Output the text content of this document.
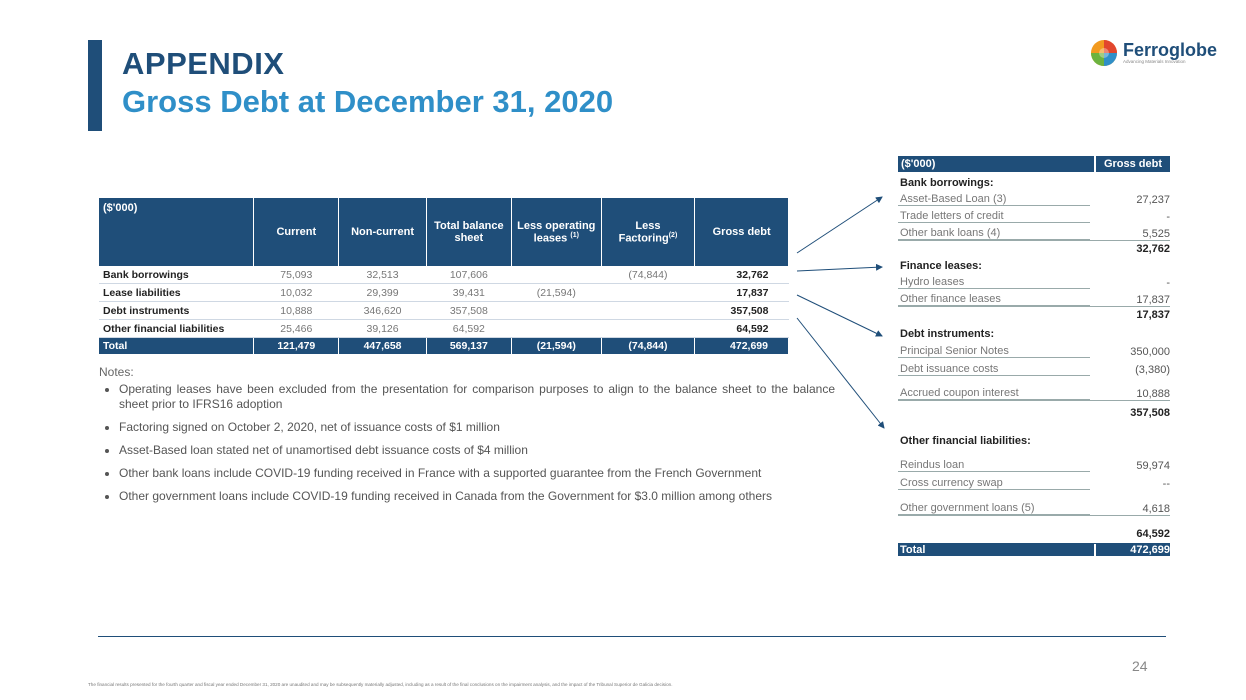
APPENDIX
Gross Debt at December 31, 2020
Ferroglobe
Advancing Materials Innovation
($'000)	Current	Non-current	Total balance sheet	Less operating leases $^{(1)}$	Less Factoring$^{(2)}$	Gross debt
Bank borrowings	75,093	32,513	107,606		(74,844)	32,762
Lease liabilities	10,032	29,399	39,431	(21,594)		17,837
Debt instruments	10,888	346,620	357,508			357,508
Other financial liabilities	25,466	39,126	64,592			64,592
Total	121,479	447,658	569,137	(21,594)	(74,844)	472,699
Notes:
• Operating leases have been excluded from the presentation for comparison purposes to align to the balance sheet to the balance sheet prior to IFRS16 adoption
• Factoring signed on October 2, 2020, net of issuance costs of $1 million
• Asset-Based loan stated net of unamortised debt issuance costs of $4 million
• Other bank loans include COVID-19 funding received in France with a supported guarantee from the French Government
• Other government loans include COVID-19 funding received in Canada from the Government for $3.0 million among others
($'000)	Gross debt
Bank borrowings:
Asset-Based Loan (3)	27,237
Trade letters of credit	-
Other bank loans (4)	5,525
32,762
Finance leases:
Hydro leases	-
Other finance leases	17,837
17,837
Debt instruments:
Principal Senior Notes	350,000
Debt issuance costs	(3,380)
Accrued coupon interest	10,888
357,508
Other financial liabilities:
Reindus loan	59,974
Cross currency swap	--
Other government loans (5)	4,618
64,592
Total	472,699
24
The financial results presented for the fourth quarter and fiscal year ended December 31, 2020 are unaudited and may be subsequently materially adjusted, including as a result of the final conclusions on the impairment analysis, and the impact of the Tribunal Superior de Galicia decision.
